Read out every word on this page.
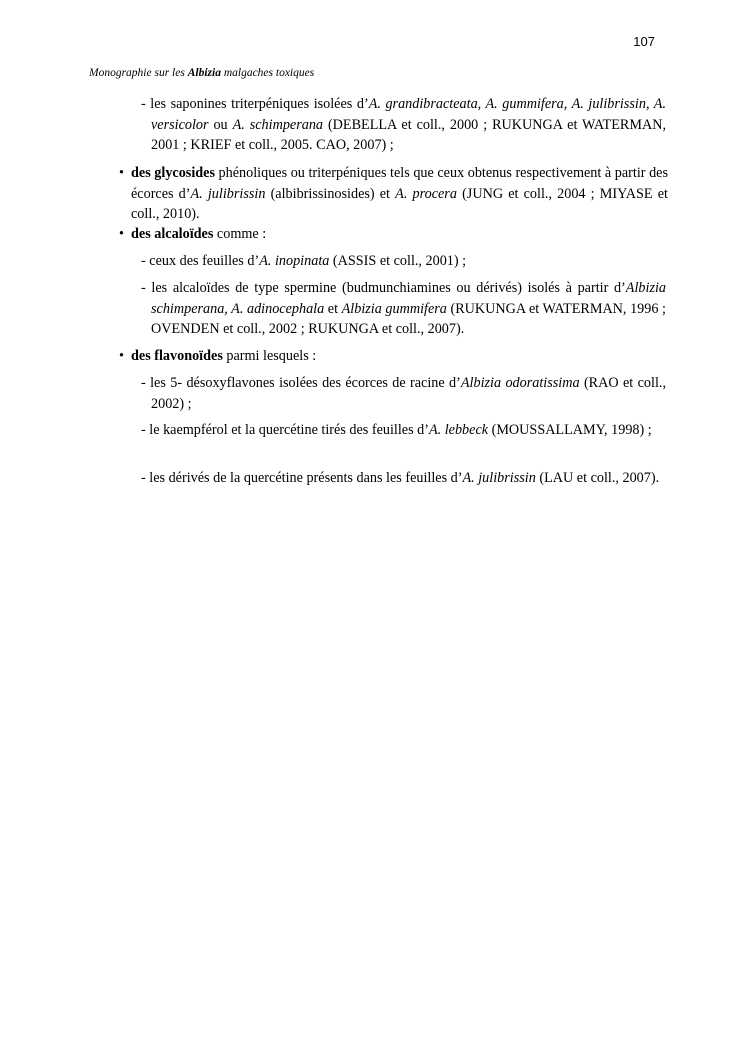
107
Monographie sur les Albizia malgaches toxiques

- les saponines triterpéniques isolées d’A. grandibracteata, A. gummifera, A. julibrissin, A. versicolor ou A. schimperana (DEBELLA et coll., 2000 ; RUKUNGA et WATERMAN, 2001 ; KRIEF et coll., 2005. CAO, 2007) ;

• des glycosides phénoliques ou triterpéniques tels que ceux obtenus respectivement à partir des écorces d’A. julibrissin (albibrissinosides) et A. procera (JUNG et coll., 2004 ; MIYASE et coll., 2010).

• des alcaloïdes comme :

- ceux des feuilles d’A. inopinata (ASSIS et coll., 2001) ;

- les alcaloïdes de type spermine (budmunchiamines ou dérivés) isolés à partir d’Albizia schimperana, A. adinocephala et Albizia gummifera (RUKUNGA et WATERMAN, 1996 ; OVENDEN et coll., 2002 ; RUKUNGA et coll., 2007).

• des flavonoïdes parmi lesquels :

- les 5- désoxyflavones isolées des écorces de racine d’Albizia odoratissima (RAO et coll., 2002) ;

- le kaempférol et la quercétine tirés des feuilles d’A. lebbeck (MOUSSALLAMY, 1998) ;

- les dérivés de la quercétine présents dans les feuilles d’A. julibrissin (LAU et coll., 2007).
